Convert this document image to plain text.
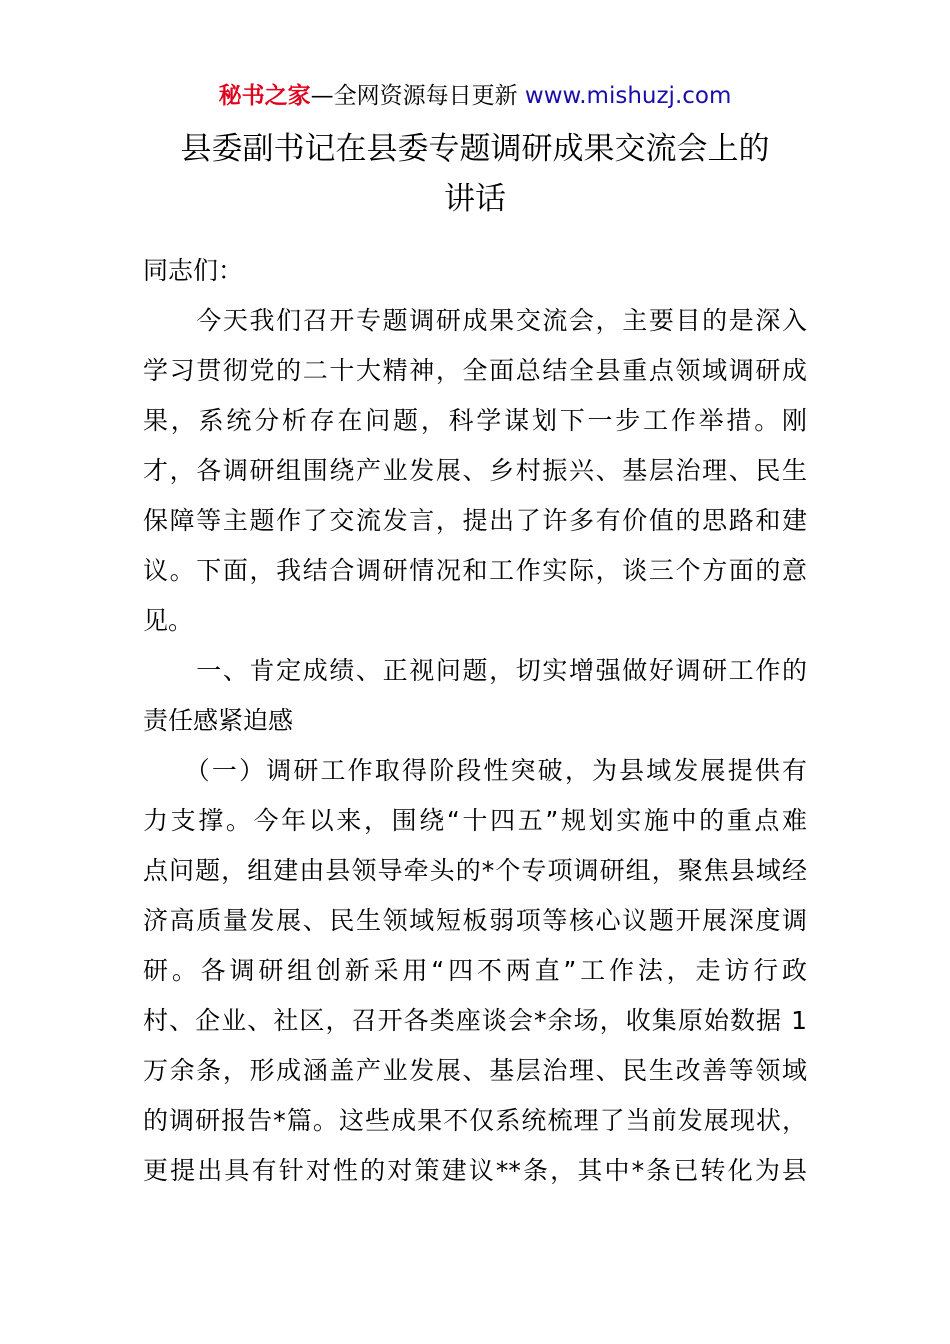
秘书之家—全网资源每日更新 www.mishuzj.com
县委副书记在县委专题调研成果交流会上的
讲话
同志们：
　　今天我们召开专题调研成果交流会，主要目的是深入
学习贯彻党的二十大精神，全面总结全县重点领域调研成
果，系统分析存在问题，科学谋划下一步工作举措。刚
才，各调研组围绕产业发展、乡村振兴、基层治理、民生
保障等主题作了交流发言，提出了许多有价值的思路和建
议。下面，我结合调研情况和工作实际，谈三个方面的意
见。
　　一、肯定成绩、正视问题，切实增强做好调研工作的
责任感紧迫感
　　（一）调研工作取得阶段性突破，为县域发展提供有
力支撑。今年以来，围绕“十四五”规划实施中的重点难
点问题，组建由县领导牵头的*个专项调研组，聚焦县域经
济高质量发展、民生领域短板弱项等核心议题开展深度调
研。各调研组创新采用“四不两直”工作法，走访行政
村、企业、社区，召开各类座谈会*余场，收集原始数据 1
万余条，形成涵盖产业发展、基层治理、民生改善等领域
的调研报告*篇。这些成果不仅系统梳理了当前发展现状，
更提出具有针对性的对策建议**条，其中*条已转化为县
